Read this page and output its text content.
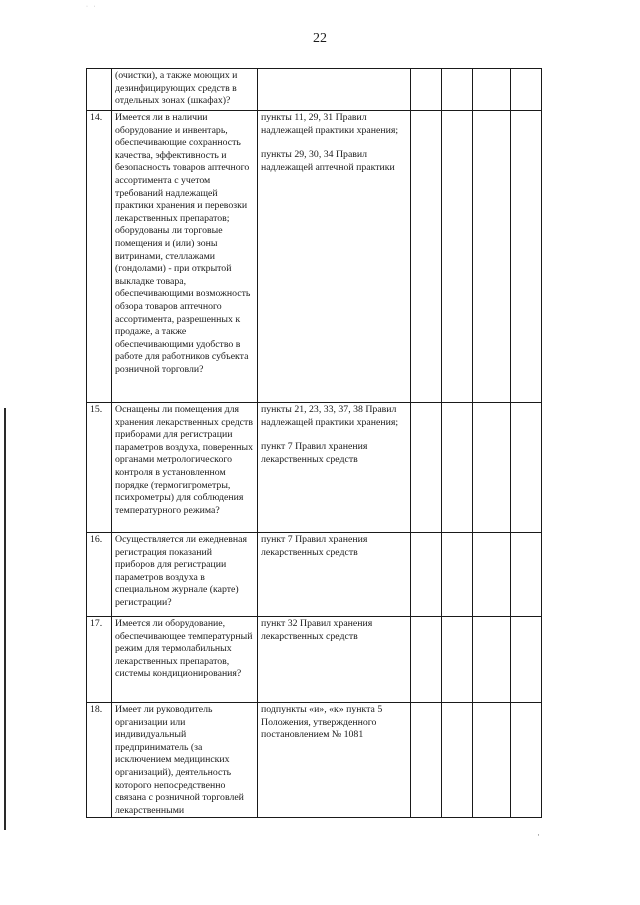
· ·
22
·
	(очистки), а также моющих и дезинфицирующих средств в отдельных зонах (шкафах)?					
14.	Имеется ли в наличии оборудование и инвентарь, обеспечивающие сохранность качества, эффективность и безопасность товаров аптечного ассортимента с учетом требований надлежащей практики хранения и перевозки лекарственных препаратов; оборудованы ли торговые помещения и (или) зоны витринами, стеллажами (гондолами) - при открытой выкладке товара, обеспечивающими возможность обзора товаров аптечного ассортимента, разрешенных к продаже, а также обеспечивающими удобство в работе для работников субъекта розничной торговли?	пункты 11, 29, 31 Правил надлежащей практики хранения;
пункты 29, 30, 34 Правил надлежащей аптечной практики				

15.	Оснащены ли помещения для хранения лекарственных средств приборами для регистрации параметров воздуха, поверенных органами метрологического контроля в установленном порядке (термогигрометры, психрометры) для соблюдения температурного режима?	пункты 21, 23, 33, 37, 38 Правил надлежащей практики хранения;
пункт 7 Правил хранения лекарственных средств				

16.	Осуществляется ли ежедневная регистрация показаний приборов для регистрации параметров воздуха в специальном журнале (карте) регистрации?	пункт 7 Правил хранения лекарственных средств				

17.	Имеется ли оборудование, обеспечивающее температурный режим для термолабильных лекарственных препаратов, системы кондиционирования?	пункт 32 Правил хранения лекарственных средств				

18.	Имеет ли руководитель организации или индивидуальный предприниматель (за исключением медицинских организаций), деятельность которого непосредственно связана с розничной торговлей лекарственными	подпункты «и», «к» пункта 5 Положения, утвержденного постановлением № 1081				
